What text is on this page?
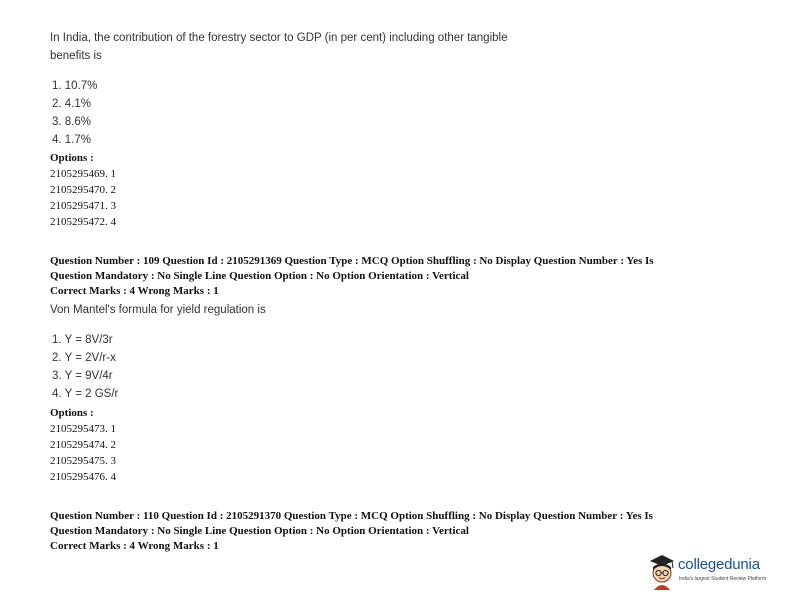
In India, the contribution of the forestry sector to GDP (in per cent) including other tangible
benefits is
1. 10.7%
2. 4.1%
3. 8.6%
4. 1.7%
Options :
2105295469. 1
2105295470. 2
2105295471. 3
2105295472. 4
Question Number : 109 Question Id : 2105291369 Question Type : MCQ Option Shuffling : No Display Question Number : Yes Is
Question Mandatory : No Single Line Question Option : No Option Orientation : Vertical
Correct Marks : 4 Wrong Marks : 1
Von Mantel's formula for yield regulation is
1. Y = 8V/3r
2. Y = 2V/r-x
3. Y = 9V/4r
4. Y = 2 GS/r
Options :
2105295473. 1
2105295474. 2
2105295475. 3
2105295476. 4
Question Number : 110 Question Id : 2105291370 Question Type : MCQ Option Shuffling : No Display Question Number : Yes Is
Question Mandatory : No Single Line Question Option : No Option Orientation : Vertical
Correct Marks : 4 Wrong Marks : 1
collegedunia
India's largest Student Review Platform
